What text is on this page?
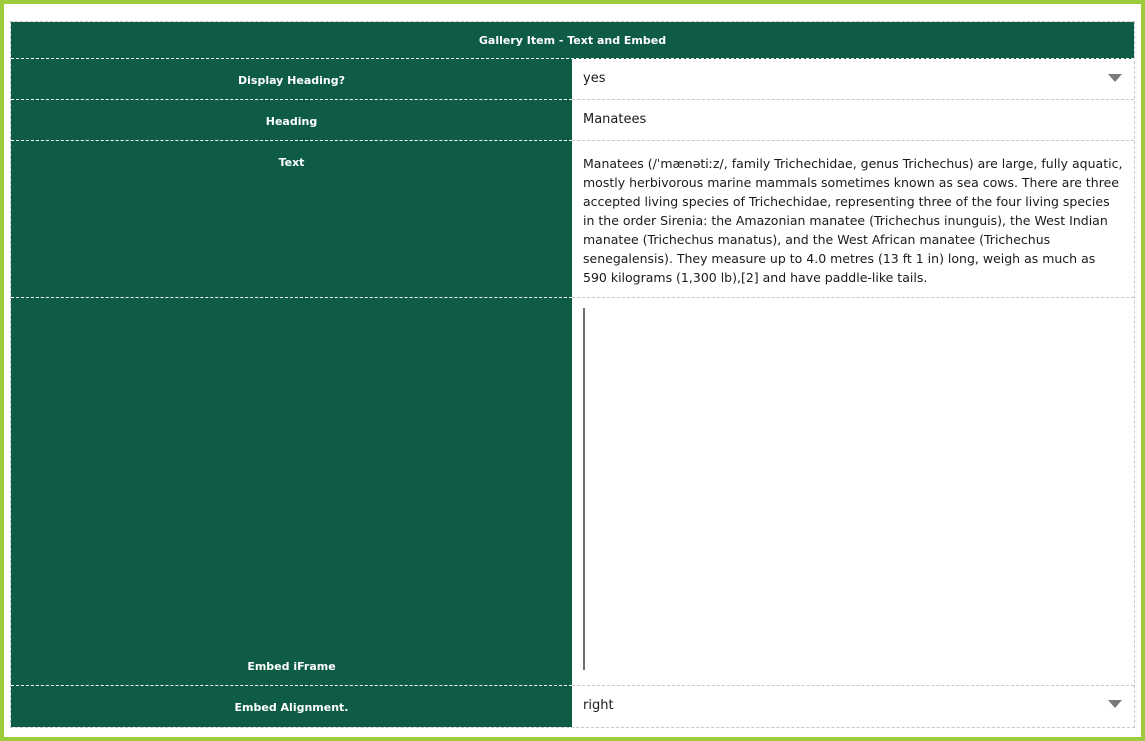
Gallery Item - Text and Embed
Display Heading?	yes
Heading	Manatees
Text	Manatees (/ˈmænətiːz/, family Trichechidae, genus Trichechus) are large, fully aquatic, mostly herbivorous marine mammals sometimes known as sea cows. There are three accepted living species of Trichechidae, representing three of the four living species in the order Sirenia: the Amazonian manatee (Trichechus inunguis), the West Indian manatee (Trichechus manatus), and the West African manatee (Trichechus senegalensis). They measure up to 4.0 metres (13 ft 1 in) long, weigh as much as 590 kilograms (1,300 lb),[2] and have paddle-like tails.
Embed iFrame
Embed Alignment.	right
